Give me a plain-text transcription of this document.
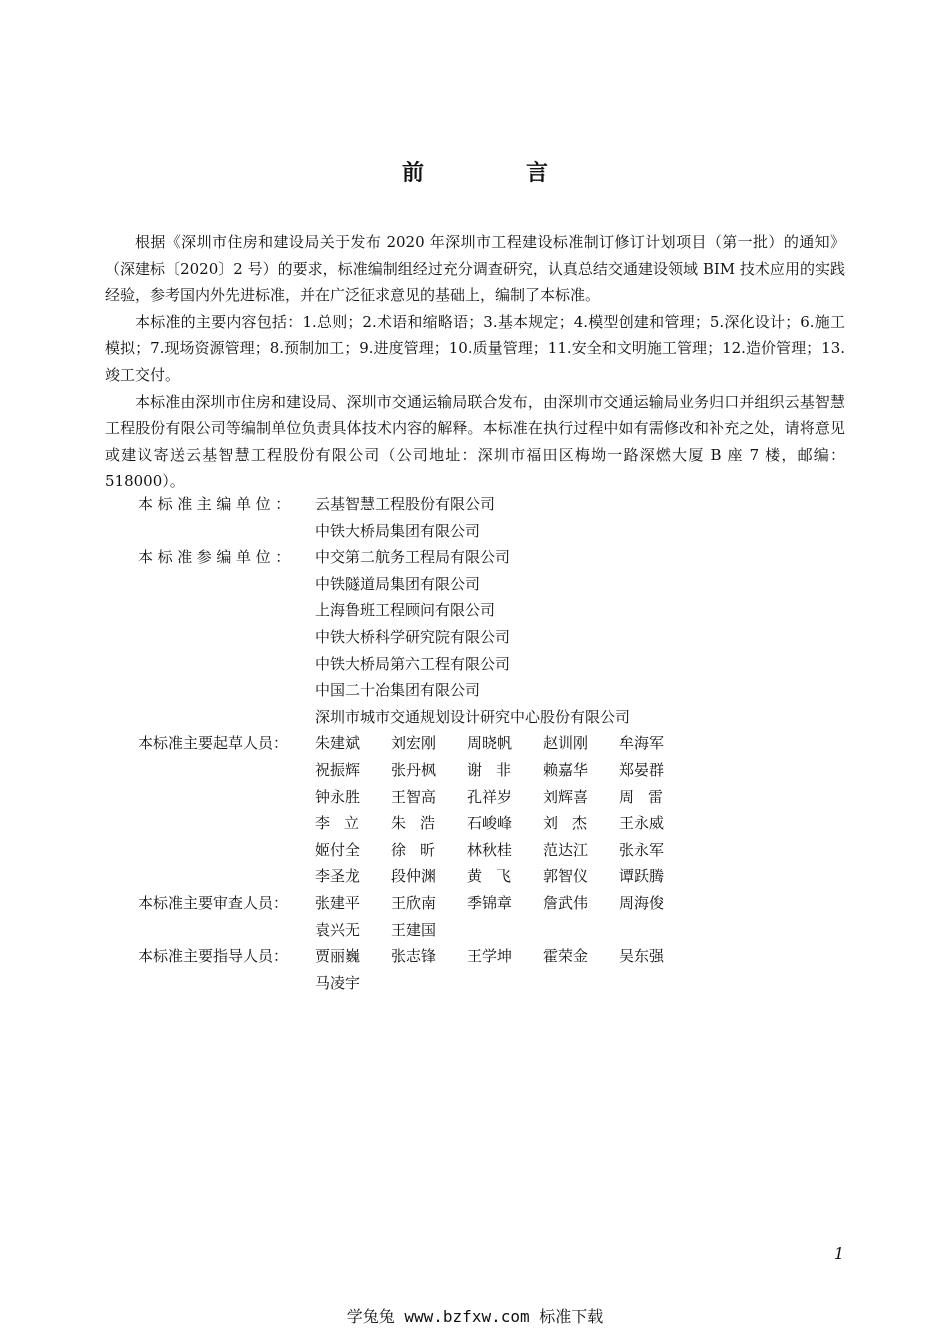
前　言

根据《深圳市住房和建设局关于发布 2020 年深圳市工程建设标准制订修订计划项目（第一批）的通知》（深建标〔2020〕2 号）的要求，标准编制组经过充分调查研究，认真总结交通建设领域 BIM 技术应用的实践经验，参考国内外先进标准，并在广泛征求意见的基础上，编制了本标准。

本标准的主要内容包括：1.总则；2.术语和缩略语；3.基本规定；4.模型创建和管理；5.深化设计；6.施工模拟；7.现场资源管理；8.预制加工；9.进度管理；10.质量管理；11.安全和文明施工管理；12.造价管理；13.竣工交付。

本标准由深圳市住房和建设局、深圳市交通运输局联合发布，由深圳市交通运输局业务归口并组织云基智慧工程股份有限公司等编制单位负责具体技术内容的解释。本标准在执行过程中如有需修改和补充之处，请将意见或建议寄送云基智慧工程股份有限公司（公司地址：深圳市福田区梅坳一路深燃大厦 B 座 7 楼，邮编：518000）。

本标准主编单位：	云基智慧工程股份有限公司
中铁大桥局集团有限公司
本标准参编单位：	中交第二航务工程局有限公司
中铁隧道局集团有限公司
上海鲁班工程顾问有限公司
中铁大桥科学研究院有限公司
中铁大桥局第六工程有限公司
中国二十冶集团有限公司
深圳市城市交通规划设计研究中心股份有限公司
本标准主要起草人员：	朱建斌	刘宏刚	周晓帆	赵训刚	牟海军
祝振辉	张丹枫	谢非	赖嘉华	郑晏群
钟永胜	王智高	孔祥岁	刘辉喜	周雷
李立	朱浩	石峻峰	刘杰	王永威
姬付全	徐昕	林秋桂	范达江	张永军
李圣龙	段仲渊	黄飞	郭智仪	谭跃腾
本标准主要审查人员：	张建平	王欣南	季锦章	詹武伟	周海俊
袁兴无	王建国
本标准主要指导人员：	贾丽巍	张志锋	王学坤	霍荣金	吴东强
马凌宇
1
学兔兔 www.bzfxw.com 标准下载
